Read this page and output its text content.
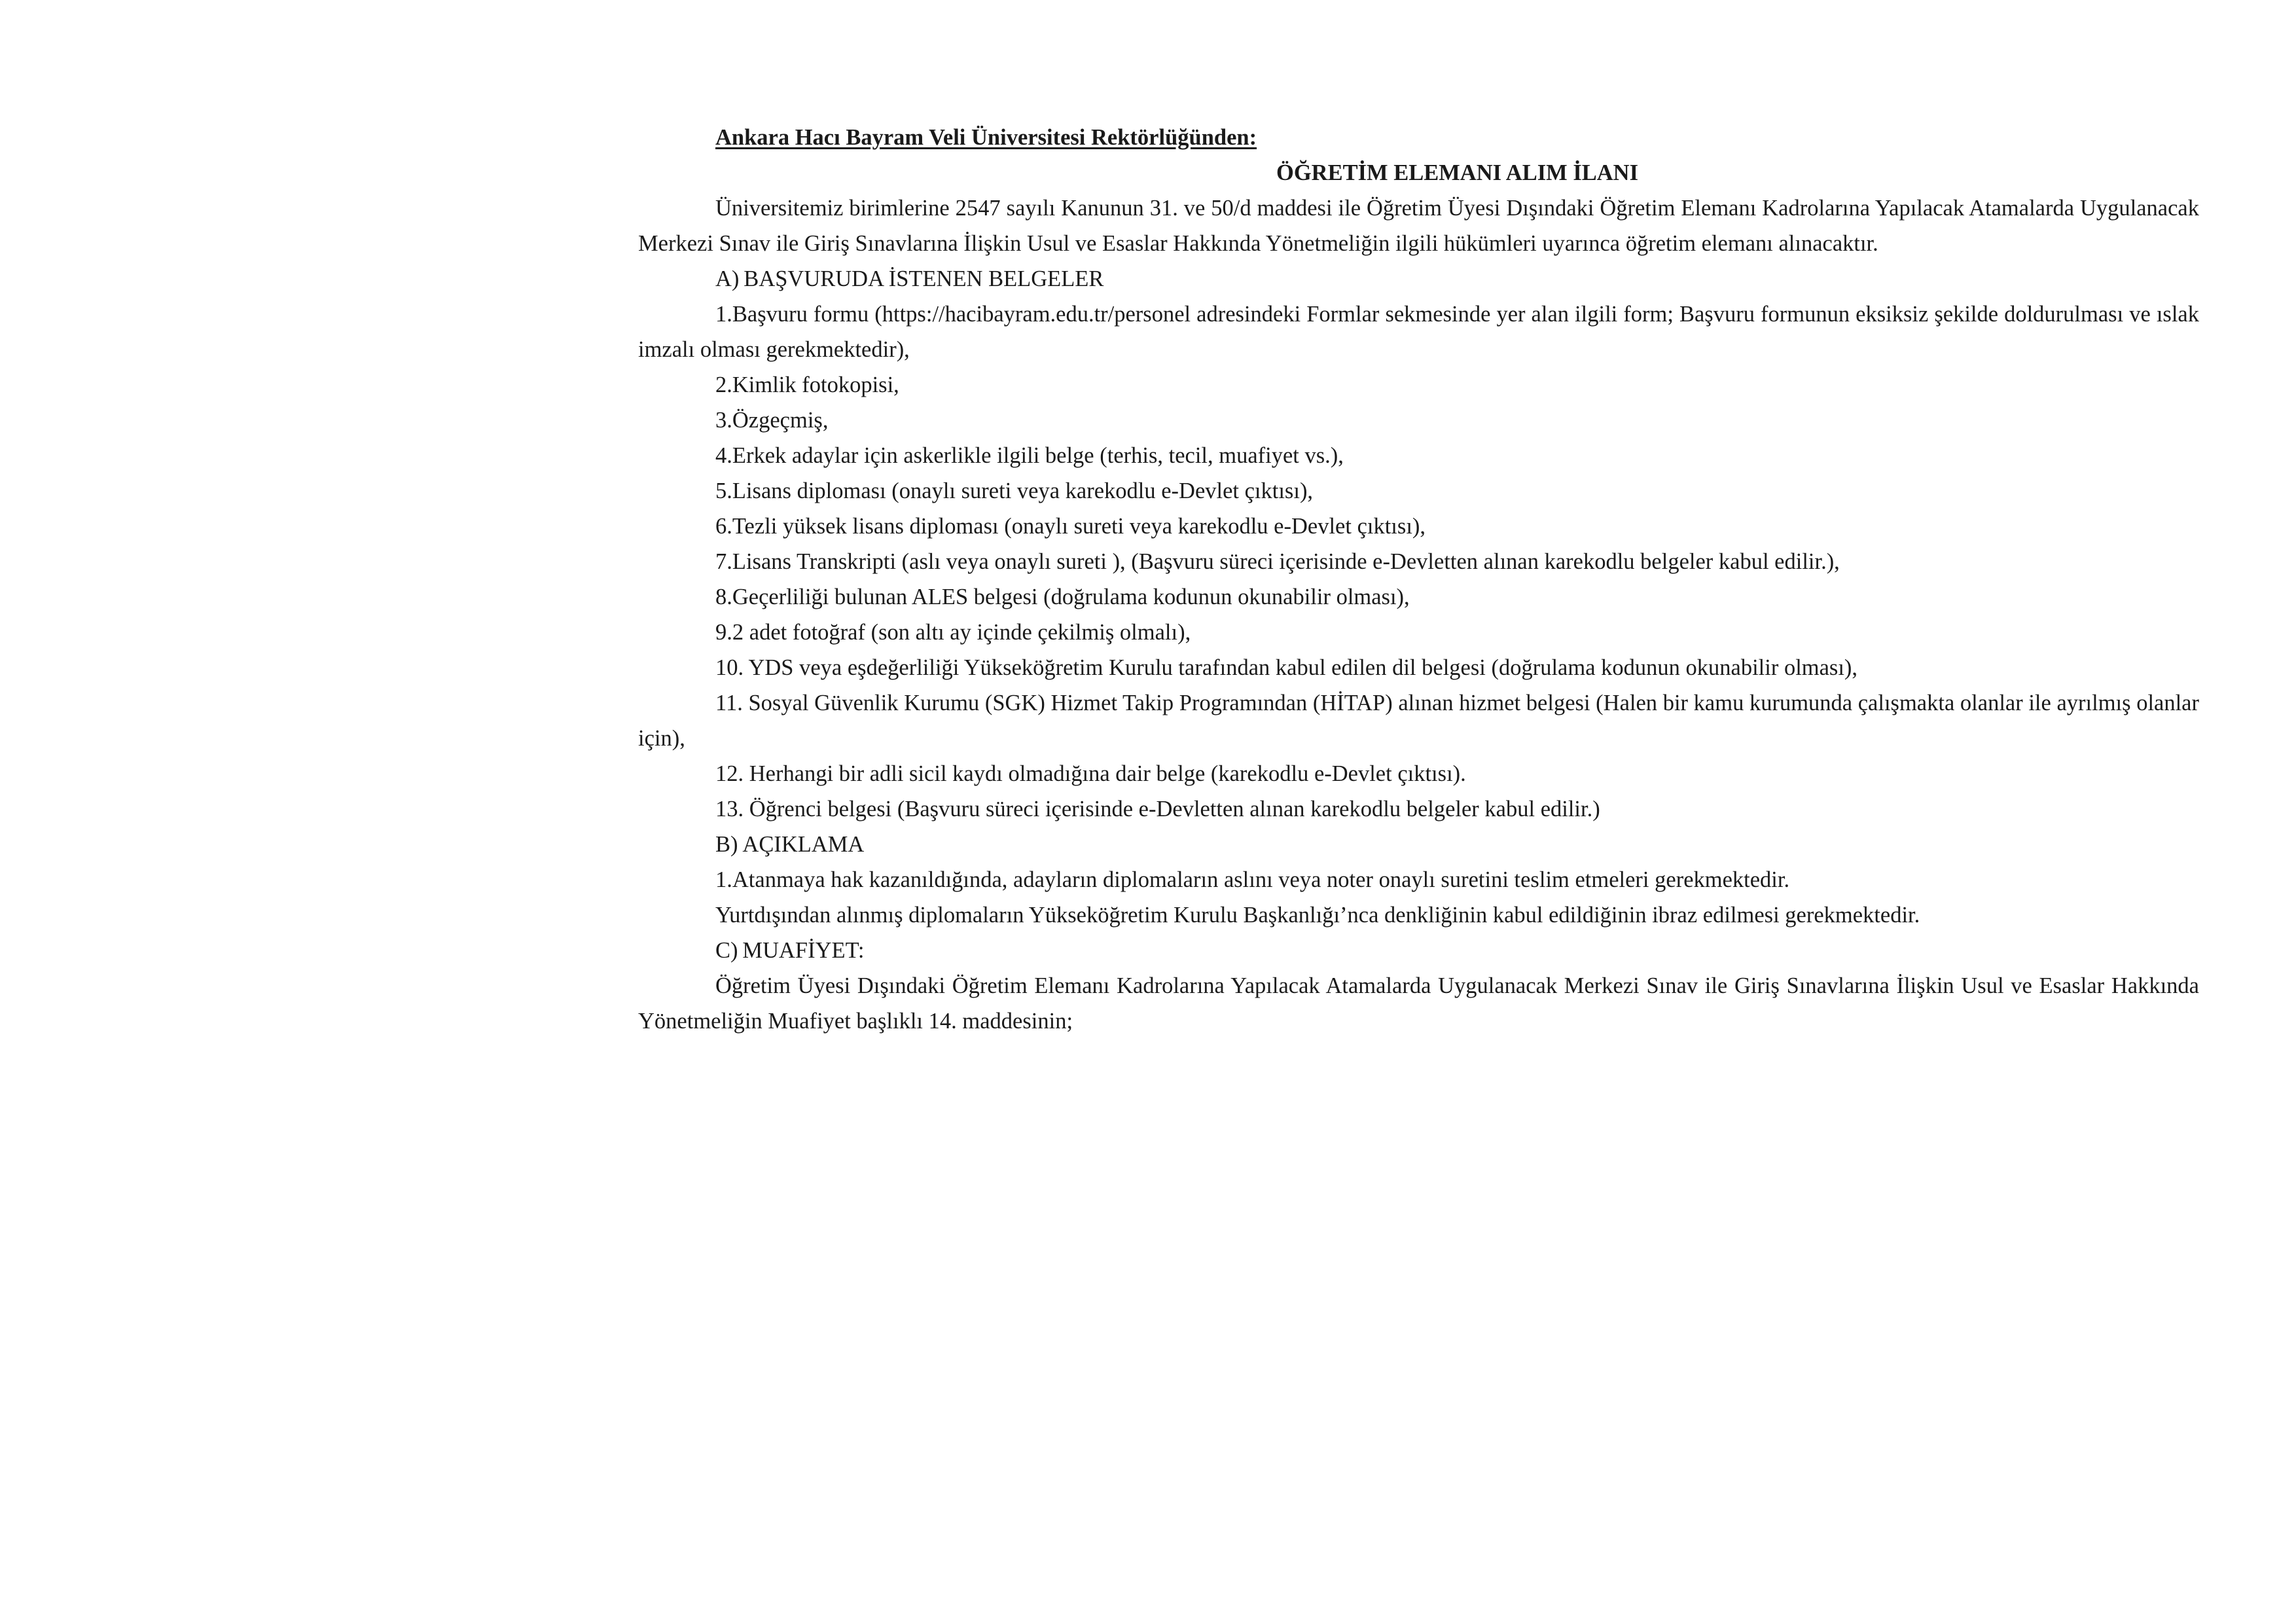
Ankara Hacı Bayram Veli Üniversitesi Rektörlüğünden:

ÖĞRETİM ELEMANI ALIM İLANI

Üniversitemiz birimlerine 2547 sayılı Kanunun 31. ve 50/d maddesi ile Öğretim Üyesi Dışındaki Öğretim Elemanı Kadrolarına Yapılacak Atamalarda Uygulanacak Merkezi Sınav ile Giriş Sınavlarına İlişkin Usul ve Esaslar Hakkında Yönetmeliğin ilgili hükümleri uyarınca öğretim elemanı alınacaktır.

A) BAŞVURUDA İSTENEN BELGELER

1.Başvuru formu (https://hacibayram.edu.tr/personel adresindeki Formlar sekmesinde yer alan ilgili form; Başvuru formunun eksiksiz şekilde doldurulması ve ıslak imzalı olması gerekmektedir),

2.Kimlik fotokopisi,

3.Özgeçmiş,

4.Erkek adaylar için askerlikle ilgili belge (terhis, tecil, muafiyet vs.),

5.Lisans diploması (onaylı sureti veya karekodlu e-Devlet çıktısı),

6.Tezli yüksek lisans diploması (onaylı sureti veya karekodlu e-Devlet çıktısı),

7.Lisans Transkripti (aslı veya onaylı sureti ), (Başvuru süreci içerisinde e-Devletten alınan karekodlu belgeler kabul edilir.),

8.Geçerliliği bulunan ALES belgesi (doğrulama kodunun okunabilir olması),

9.2 adet fotoğraf (son altı ay içinde çekilmiş olmalı),

10. YDS veya eşdeğerliliği Yükseköğretim Kurulu tarafından kabul edilen dil belgesi (doğrulama kodunun okunabilir olması),

11. Sosyal Güvenlik Kurumu (SGK) Hizmet Takip Programından (HİTAP) alınan hizmet belgesi (Halen bir kamu kurumunda çalışmakta olanlar ile ayrılmış olanlar için),

12. Herhangi bir adli sicil kaydı olmadığına dair belge (karekodlu e-Devlet çıktısı).

13. Öğrenci belgesi (Başvuru süreci içerisinde e-Devletten alınan karekodlu belgeler kabul edilir.)

B) AÇIKLAMA

1.Atanmaya hak kazanıldığında, adayların diplomaların aslını veya noter onaylı suretini teslim etmeleri gerekmektedir.

Yurtdışından alınmış diplomaların Yükseköğretim Kurulu Başkanlığı’nca denkliğinin kabul edildiğinin ibraz edilmesi gerekmektedir.

C) MUAFİYET:

Öğretim Üyesi Dışındaki Öğretim Elemanı Kadrolarına Yapılacak Atamalarda Uygulanacak Merkezi Sınav ile Giriş Sınavlarına İlişkin Usul ve Esaslar Hakkında Yönetmeliğin Muafiyet başlıklı 14. maddesinin;
